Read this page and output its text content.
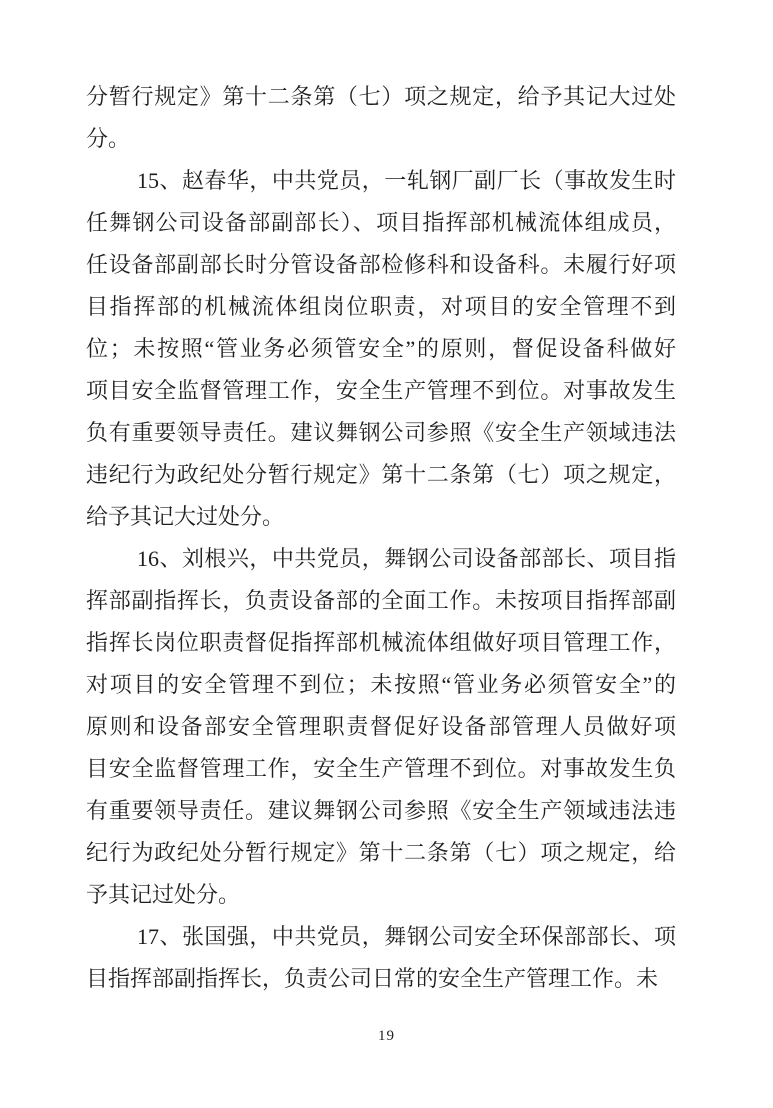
分暂行规定》第十二条第（七）项之规定，给予其记大过处
分。
15、赵春华，中共党员，一轧钢厂副厂长（事故发生时
任舞钢公司设备部副部长）、项目指挥部机械流体组成员，
任设备部副部长时分管设备部检修科和设备科。未履行好项
目指挥部的机械流体组岗位职责，对项目的安全管理不到
位；未按照“管业务必须管安全”的原则，督促设备科做好
项目安全监督管理工作，安全生产管理不到位。对事故发生
负有重要领导责任。建议舞钢公司参照《安全生产领域违法
违纪行为政纪处分暂行规定》第十二条第（七）项之规定，
给予其记大过处分。
16、刘根兴，中共党员，舞钢公司设备部部长、项目指
挥部副指挥长，负责设备部的全面工作。未按项目指挥部副
指挥长岗位职责督促指挥部机械流体组做好项目管理工作，
对项目的安全管理不到位；未按照“管业务必须管安全”的
原则和设备部安全管理职责督促好设备部管理人员做好项
目安全监督管理工作，安全生产管理不到位。对事故发生负
有重要领导责任。建议舞钢公司参照《安全生产领域违法违
纪行为政纪处分暂行规定》第十二条第（七）项之规定，给
予其记过处分。
17、张国强，中共党员，舞钢公司安全环保部部长、项
目指挥部副指挥长，负责公司日常的安全生产管理工作。未
19
